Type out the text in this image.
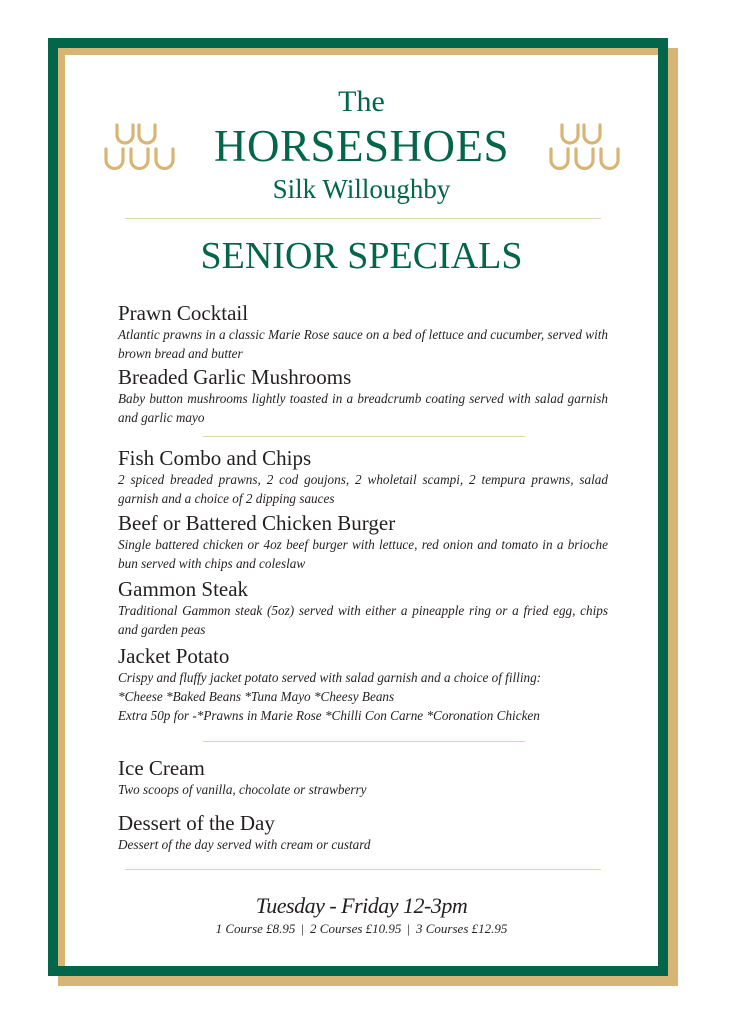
The
HORSESHOES
Silk Willoughby
SENIOR SPECIALS
Prawn Cocktail
Atlantic prawns in a classic Marie Rose sauce on a bed of lettuce and cucumber, served with brown bread and butter
Breaded Garlic Mushrooms
Baby button mushrooms lightly toasted in a breadcrumb coating served with salad garnish and garlic mayo
Fish Combo and Chips
2 spiced breaded prawns, 2 cod goujons, 2 wholetail scampi, 2 tempura prawns, salad garnish and a choice of 2 dipping sauces
Beef or Battered Chicken Burger
Single battered chicken or 4oz beef burger with lettuce, red onion and tomato in a brioche bun served with chips and coleslaw
Gammon Steak
Traditional Gammon steak (5oz) served with either a pineapple ring or a fried egg, chips and garden peas
Jacket Potato
Crispy and fluffy jacket potato served with salad garnish and a choice of filling:
*Cheese *Baked Beans *Tuna Mayo *Cheesy Beans
Extra 50p for -*Prawns in Marie Rose *Chilli Con Carne *Coronation Chicken
Ice Cream
Two scoops of vanilla, chocolate or strawberry
Dessert of the Day
Dessert of the day served with cream or custard
Tuesday - Friday 12-3pm
1 Course £8.95 | 2 Courses £10.95 | 3 Courses £12.95
